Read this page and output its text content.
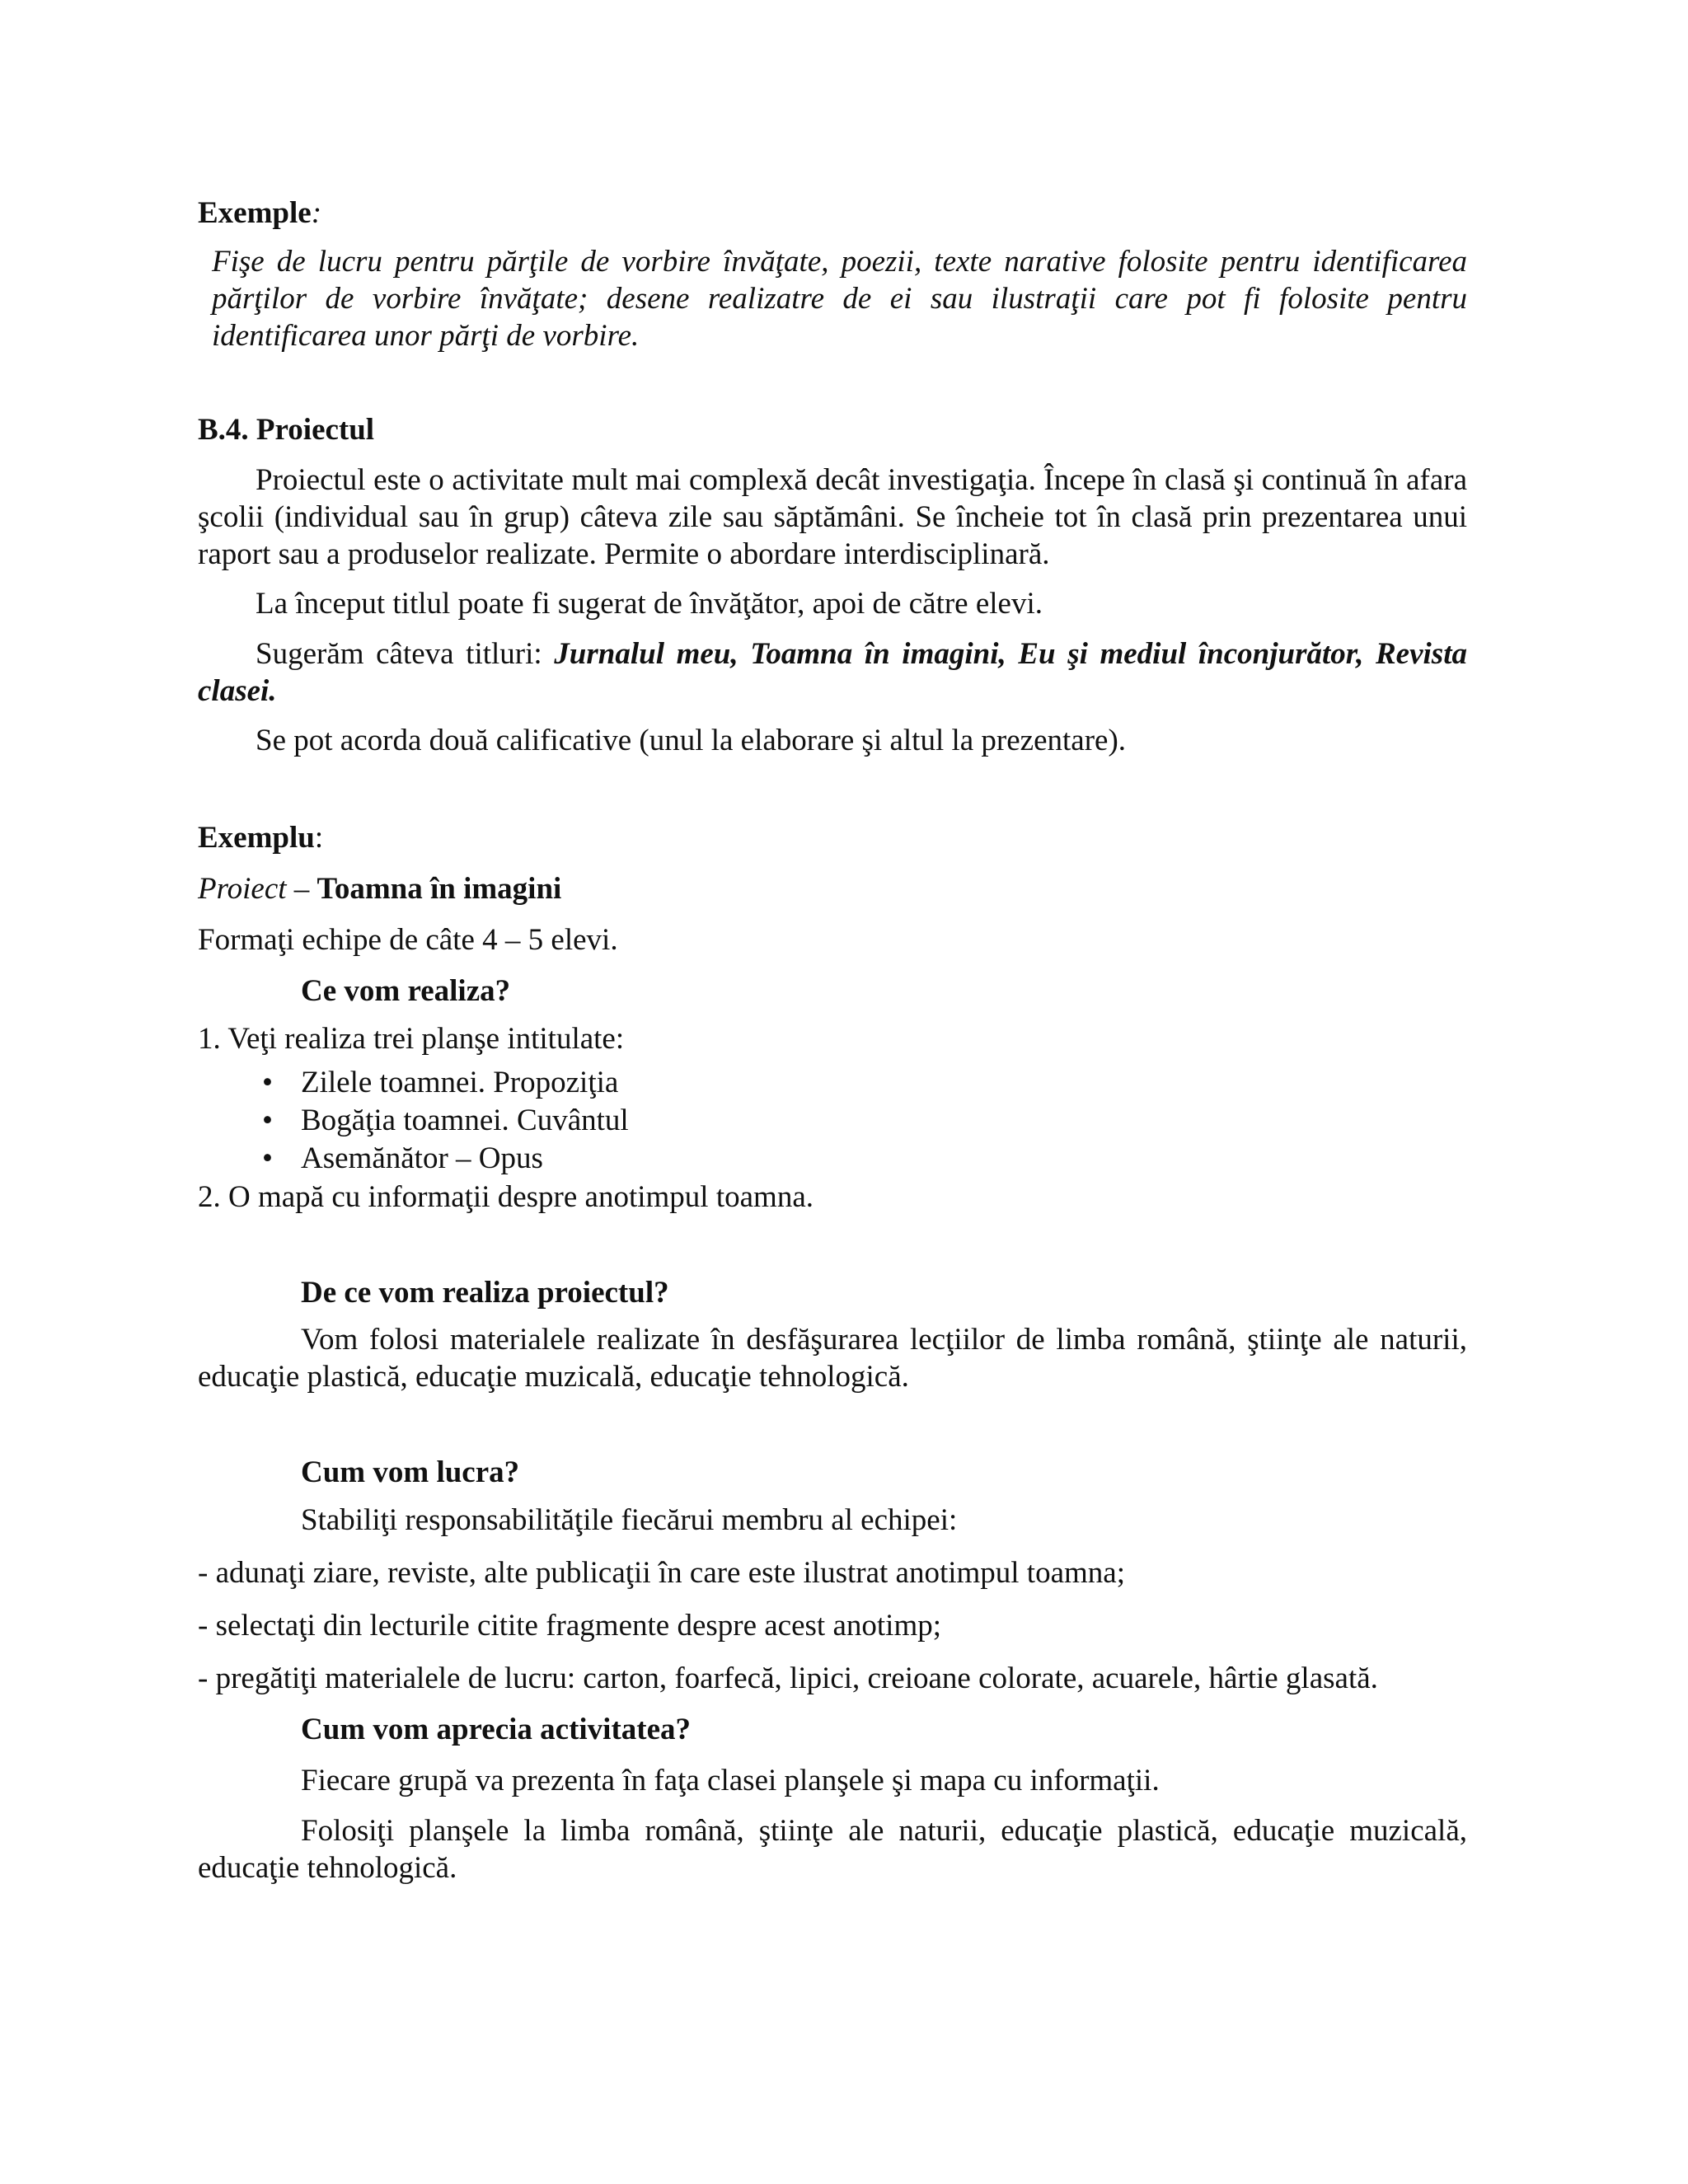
Exemple:

Fişe de lucru pentru părţile de vorbire învăţate, poezii, texte narative folosite pentru identificarea părţilor de vorbire învăţate; desene realizatre de ei sau ilustraţii care pot fi folosite pentru identificarea unor părţi de vorbire.

B.4. Proiectul

Proiectul este o activitate mult mai complexă decât investigaţia. Începe în clasă şi continuă în afara şcolii (individual sau în grup) câteva zile sau săptămâni. Se încheie tot în clasă prin prezentarea unui raport sau a produselor realizate. Permite o abordare interdisciplinară.

La început titlul poate fi sugerat de învăţător, apoi de către elevi.

Sugerăm câteva titluri: Jurnalul meu, Toamna în imagini, Eu şi mediul înconjurător, Revista clasei.

Se pot acorda două calificative (unul la elaborare şi altul la prezentare).

Exemplu:

Proiect – Toamna în imagini

Formaţi echipe de câte 4 – 5 elevi.

Ce vom realiza?

1. Veţi realiza trei planşe intitulate:

• Zilele toamnei. Propoziţia
• Bogăţia toamnei. Cuvântul
• Asemănător – Opus

2. O mapă cu informaţii despre anotimpul toamna.

De ce vom realiza proiectul?

Vom folosi materialele realizate în desfăşurarea lecţiilor de limba română, ştiinţe ale naturii, educaţie plastică, educaţie muzicală, educaţie tehnologică.

Cum vom lucra?

Stabiliţi responsabilităţile fiecărui membru al echipei:

- adunaţi ziare, reviste, alte publicaţii în care este ilustrat anotimpul toamna;

- selectaţi din lecturile citite fragmente despre acest anotimp;

- pregătiţi materialele de lucru: carton, foarfecă, lipici, creioane colorate, acuarele, hârtie glasată.

Cum vom aprecia activitatea?

Fiecare grupă va prezenta în faţa clasei planşele şi mapa cu informaţii.

Folosiţi planşele la limba română, ştiinţe ale naturii, educaţie plastică, educaţie muzicală, educaţie tehnologică.
